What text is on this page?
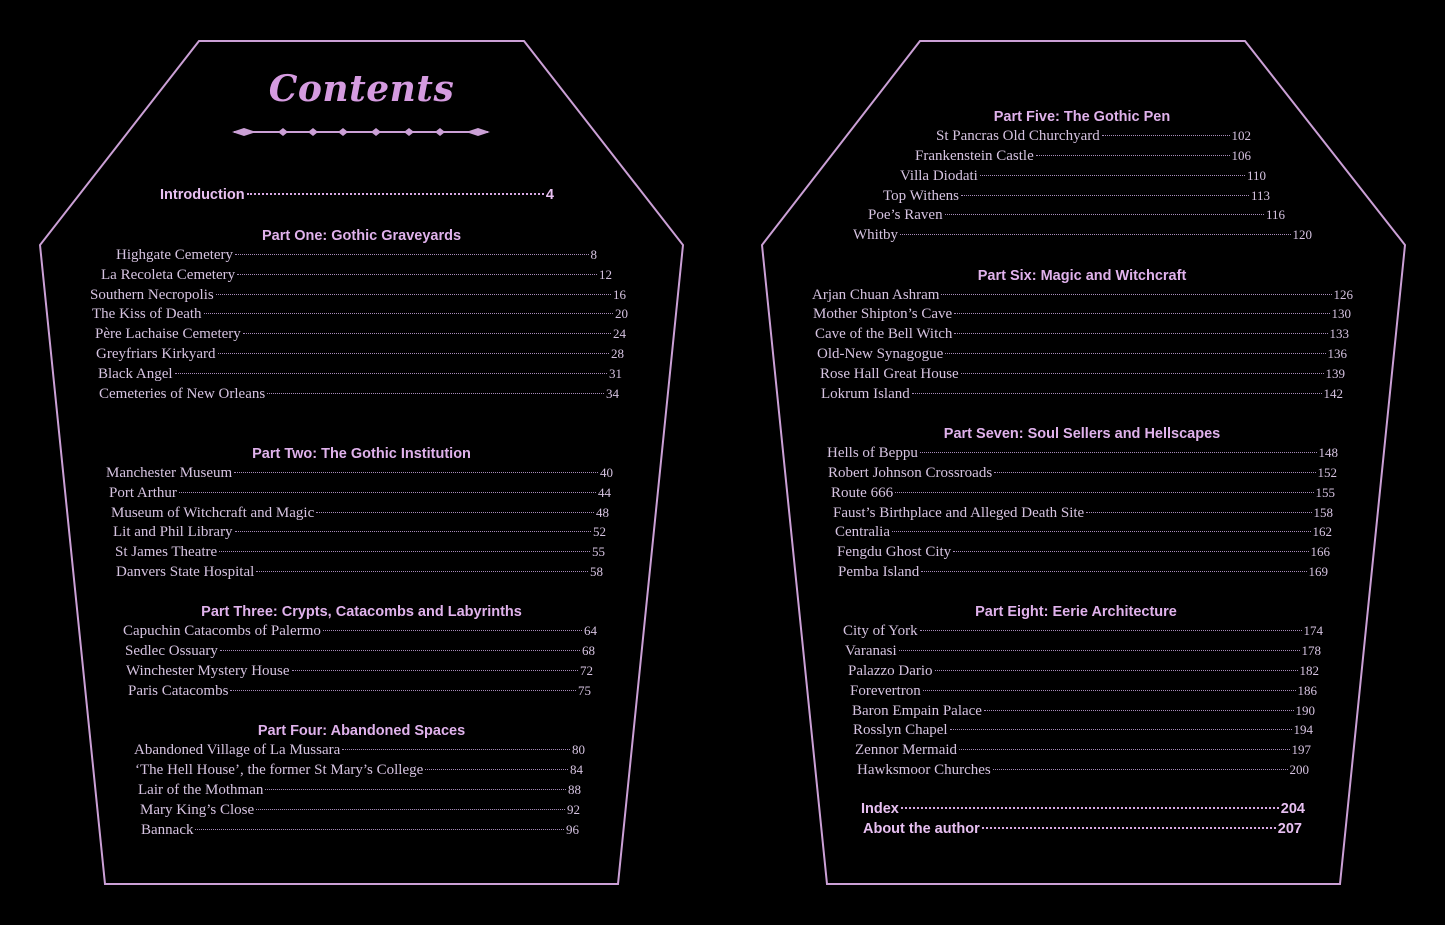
Contents
Introduction	4
Part One: Gothic Graveyards
Highgate Cemetery	8
La Recoleta Cemetery	12
Southern Necropolis	16
The Kiss of Death	20
Père Lachaise Cemetery	24
Greyfriars Kirkyard	28
Black Angel	31
Cemeteries of New Orleans	34
Part Two: The Gothic Institution
Manchester Museum	40
Port Arthur	44
Museum of Witchcraft and Magic	48
Lit and Phil Library	52
St James Theatre	55
Danvers State Hospital	58
Part Three: Crypts, Catacombs and Labyrinths
Capuchin Catacombs of Palermo	64
Sedlec Ossuary	68
Winchester Mystery House	72
Paris Catacombs	75
Part Four: Abandoned Spaces
Abandoned Village of La Mussara	80
‘The Hell House’, the former St Mary’s College	84
Lair of the Mothman	88
Mary King’s Close	92
Bannack	96
Part Five: The Gothic Pen
St Pancras Old Churchyard	102
Frankenstein Castle	106
Villa Diodati	110
Top Withens	113
Poe’s Raven	116
Whitby	120
Part Six: Magic and Witchcraft
Arjan Chuan Ashram	126
Mother Shipton’s Cave	130
Cave of the Bell Witch	133
Old-New Synagogue	136
Rose Hall Great House	139
Lokrum Island	142
Part Seven: Soul Sellers and Hellscapes
Hells of Beppu	148
Robert Johnson Crossroads	152
Route 666	155
Faust’s Birthplace and Alleged Death Site	158
Centralia	162
Fengdu Ghost City	166
Pemba Island	169
Part Eight: Eerie Architecture
City of York	174
Varanasi	178
Palazzo Dario	182
Forevertron	186
Baron Empain Palace	190
Rosslyn Chapel	194
Zennor Mermaid	197
Hawksmoor Churches	200
Index	204
About the author	207
